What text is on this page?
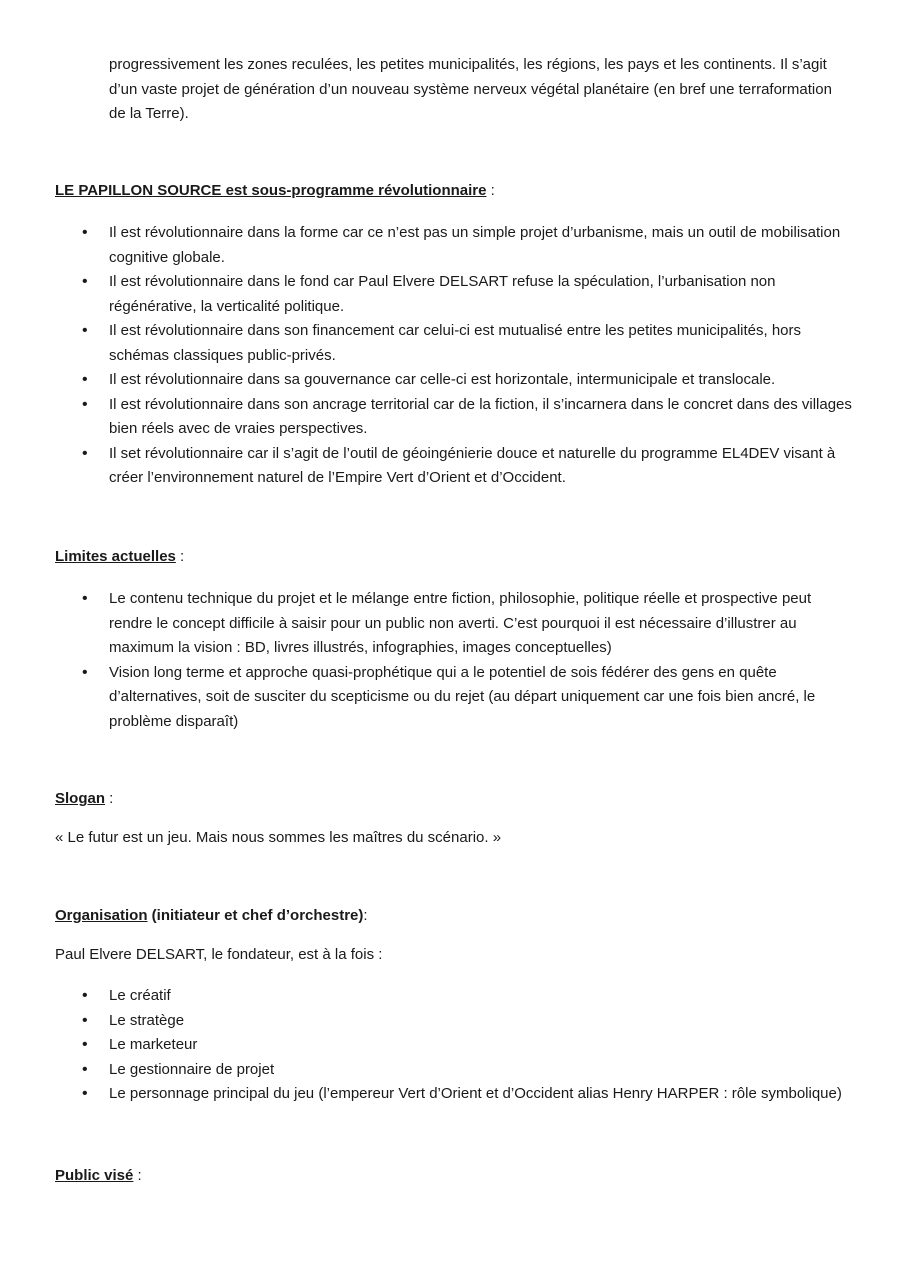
progressivement les zones reculées, les petites municipalités, les régions, les pays et les continents. Il s’agit d’un vaste projet de génération d’un nouveau système nerveux végétal planétaire (en bref une terraformation de la Terre).

LE PAPILLON SOURCE est sous-programme révolutionnaire :

• Il est révolutionnaire dans la forme car ce n’est pas un simple projet d’urbanisme, mais un outil de mobilisation cognitive globale.
• Il est révolutionnaire dans le fond car Paul Elvere DELSART refuse la spéculation, l’urbanisation non régénérative, la verticalité politique.
• Il est révolutionnaire dans son financement car celui-ci est mutualisé entre les petites municipalités, hors schémas classiques public-privés.
• Il est révolutionnaire dans sa gouvernance car celle-ci est horizontale, intermunicipale et translocale.
• Il est révolutionnaire dans son ancrage territorial car de la fiction, il s’incarnera dans le concret dans des villages bien réels avec de vraies perspectives.
• Il set révolutionnaire car il s’agit de l’outil de géoingénierie douce et naturelle du programme EL4DEV visant à créer l’environnement naturel de l’Empire Vert d’Orient et d’Occident.

Limites actuelles :

• Le contenu technique du projet et le mélange entre fiction, philosophie, politique réelle et prospective peut rendre le concept difficile à saisir pour un public non averti. C’est pourquoi il est nécessaire d’illustrer au maximum la vision : BD, livres illustrés, infographies, images conceptuelles)
• Vision long terme et approche quasi-prophétique qui a le potentiel de sois fédérer des gens en quête d’alternatives, soit de susciter du scepticisme ou du rejet (au départ uniquement car une fois bien ancré, le problème disparaît)

Slogan :

« Le futur est un jeu. Mais nous sommes les maîtres du scénario. »

Organisation (initiateur et chef d’orchestre):

Paul Elvere DELSART, le fondateur, est à la fois :

• Le créatif
• Le stratège
• Le marketeur
• Le gestionnaire de projet
• Le personnage principal du jeu (l’empereur Vert d’Orient et d’Occident alias Henry HARPER : rôle symbolique)

Public visé :
